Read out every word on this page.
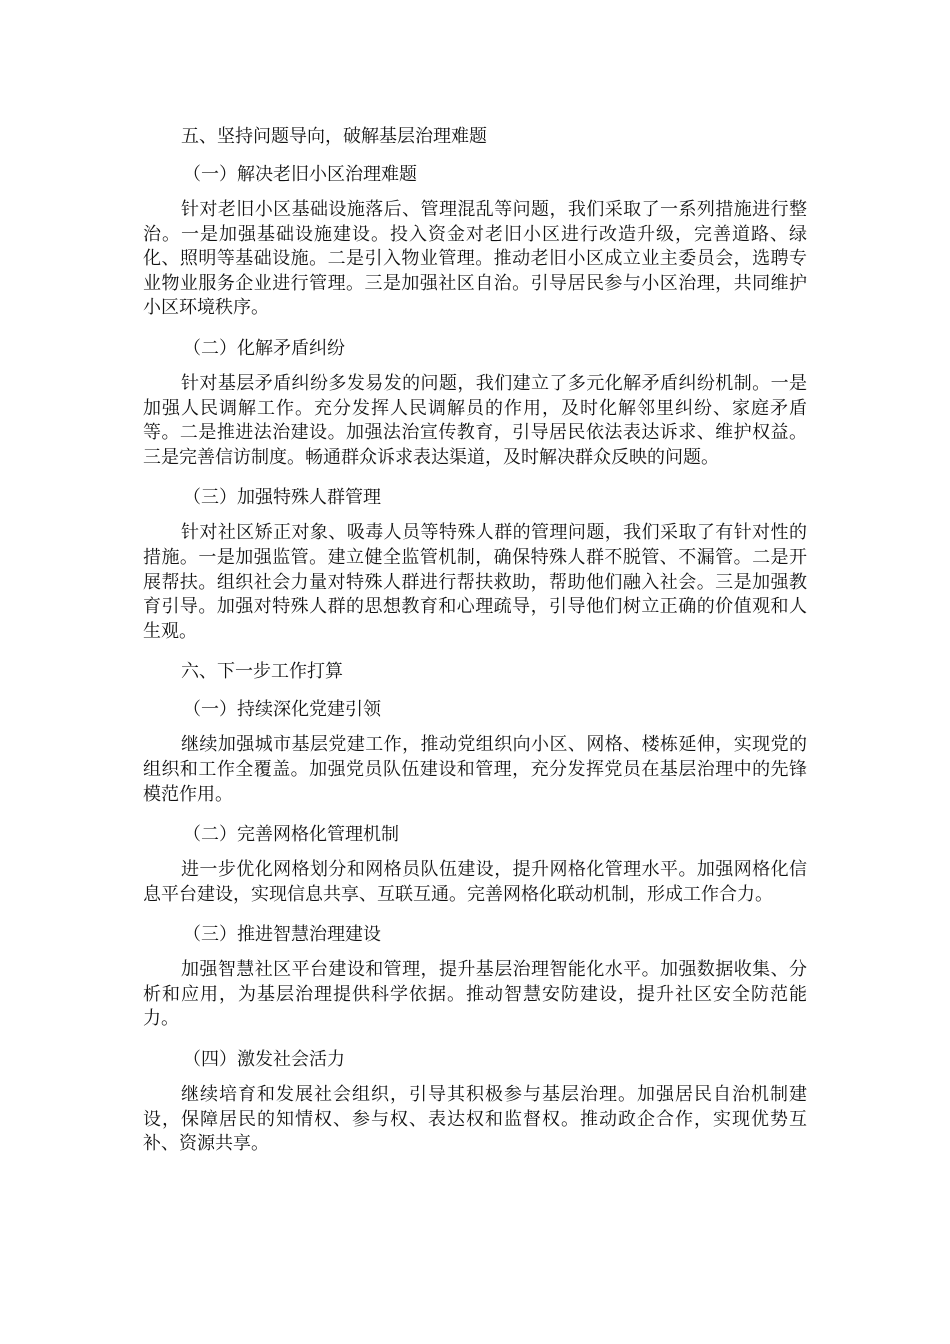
五、坚持问题导向，破解基层治理难题
（一）解决老旧小区治理难题
针对老旧小区基础设施落后、管理混乱等问题，我们采取了一系列措施进行整治。一是加强基础设施建设。投入资金对老旧小区进行改造升级，完善道路、绿化、照明等基础设施。二是引入物业管理。推动老旧小区成立业主委员会，选聘专业物业服务企业进行管理。三是加强社区自治。引导居民参与小区治理，共同维护小区环境秩序。
（二）化解矛盾纠纷
针对基层矛盾纠纷多发易发的问题，我们建立了多元化解矛盾纠纷机制。一是加强人民调解工作。充分发挥人民调解员的作用，及时化解邻里纠纷、家庭矛盾等。二是推进法治建设。加强法治宣传教育，引导居民依法表达诉求、维护权益。三是完善信访制度。畅通群众诉求表达渠道，及时解决群众反映的问题。
（三）加强特殊人群管理
针对社区矫正对象、吸毒人员等特殊人群的管理问题，我们采取了有针对性的措施。一是加强监管。建立健全监管机制，确保特殊人群不脱管、不漏管。二是开展帮扶。组织社会力量对特殊人群进行帮扶救助，帮助他们融入社会。三是加强教育引导。加强对特殊人群的思想教育和心理疏导，引导他们树立正确的价值观和人生观。
六、下一步工作打算
（一）持续深化党建引领
继续加强城市基层党建工作，推动党组织向小区、网格、楼栋延伸，实现党的组织和工作全覆盖。加强党员队伍建设和管理，充分发挥党员在基层治理中的先锋模范作用。
（二）完善网格化管理机制
进一步优化网格划分和网格员队伍建设，提升网格化管理水平。加强网格化信息平台建设，实现信息共享、互联互通。完善网格化联动机制，形成工作合力。
（三）推进智慧治理建设
加强智慧社区平台建设和管理，提升基层治理智能化水平。加强数据收集、分析和应用，为基层治理提供科学依据。推动智慧安防建设，提升社区安全防范能力。
（四）激发社会活力
继续培育和发展社会组织，引导其积极参与基层治理。加强居民自治机制建设，保障居民的知情权、参与权、表达权和监督权。推动政企合作，实现优势互补、资源共享。
